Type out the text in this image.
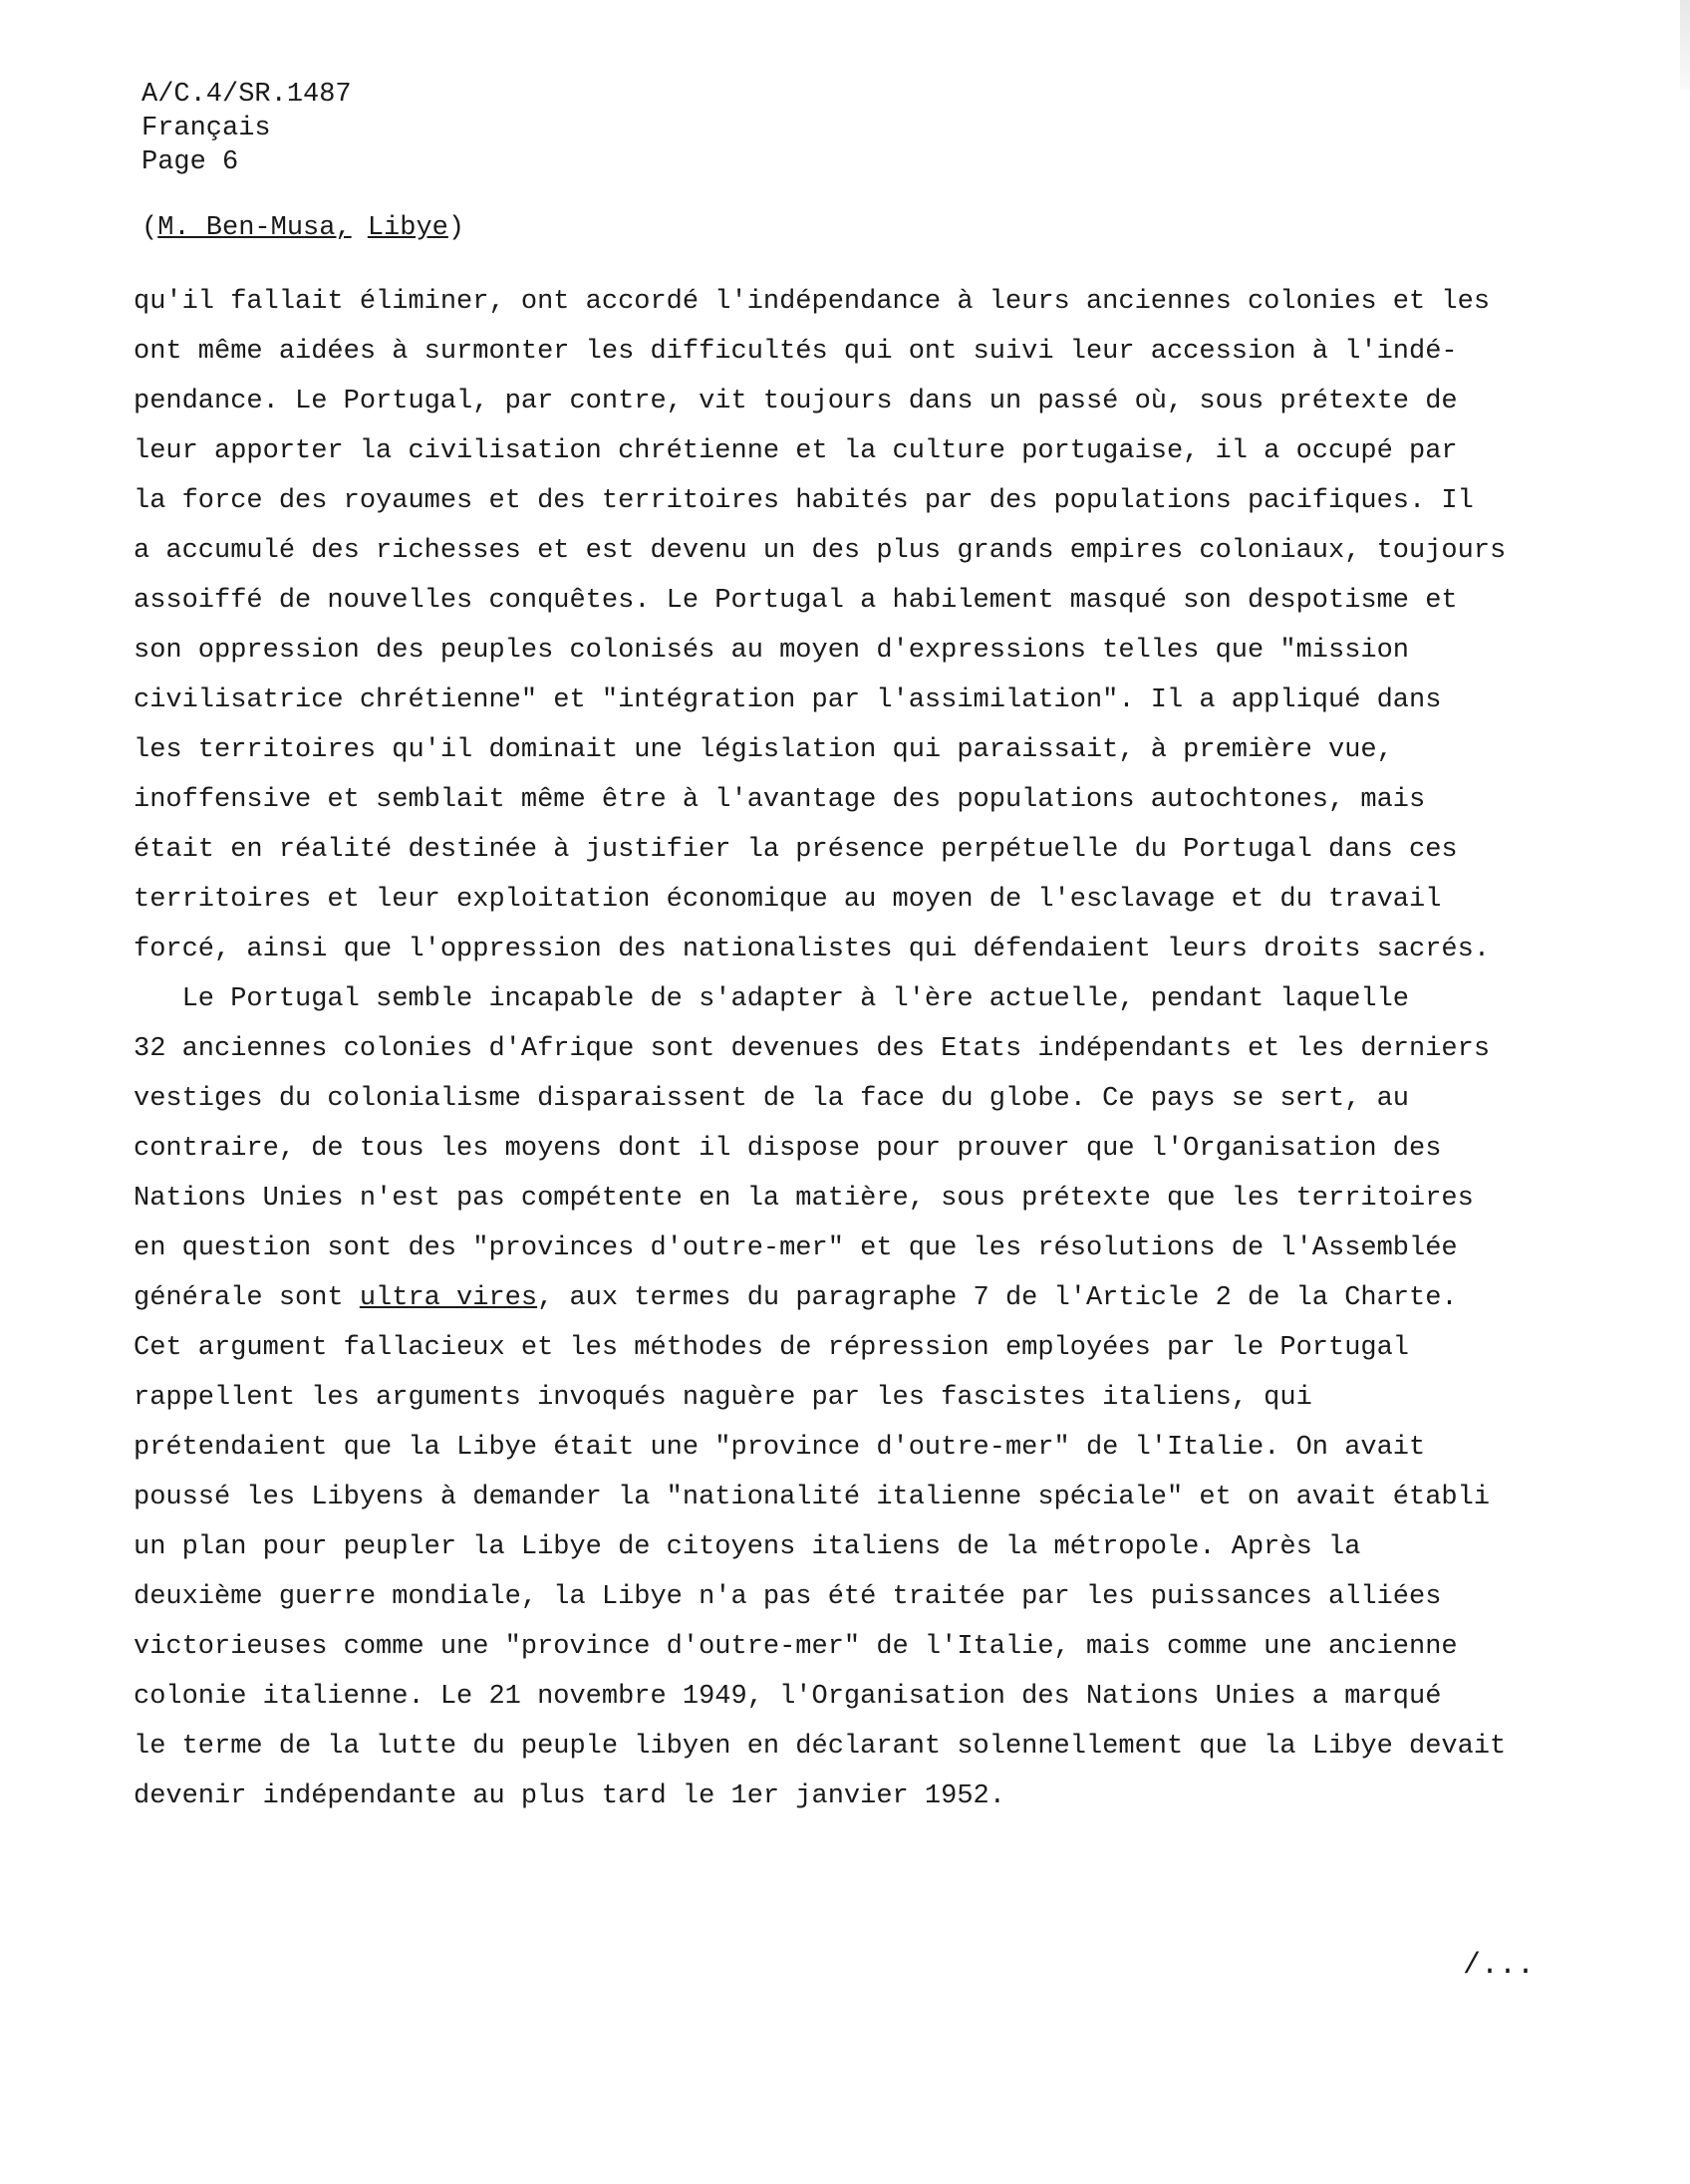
A/C.4/SR.1487
Français
Page 6
(M. Ben-Musa, Libye)
qu'il fallait éliminer, ont accordé l'indépendance à leurs anciennes colonies et les
ont même aidées à surmonter les difficultés qui ont suivi leur accession à l'indé-
pendance. Le Portugal, par contre, vit toujours dans un passé où, sous prétexte de
leur apporter la civilisation chrétienne et la culture portugaise, il a occupé par
la force des royaumes et des territoires habités par des populations pacifiques. Il
a accumulé des richesses et est devenu un des plus grands empires coloniaux, toujours
assoiffé de nouvelles conquêtes. Le Portugal a habilement masqué son despotisme et
son oppression des peuples colonisés au moyen d'expressions telles que "mission
civilisatrice chrétienne" et "intégration par l'assimilation". Il a appliqué dans
les territoires qu'il dominait une législation qui paraissait, à première vue,
inoffensive et semblait même être à l'avantage des populations autochtones, mais
était en réalité destinée à justifier la présence perpétuelle du Portugal dans ces
territoires et leur exploitation économique au moyen de l'esclavage et du travail
forcé, ainsi que l'oppression des nationalistes qui défendaient leurs droits sacrés.
Le Portugal semble incapable de s'adapter à l'ère actuelle, pendant laquelle
32 anciennes colonies d'Afrique sont devenues des Etats indépendants et les derniers
vestiges du colonialisme disparaissent de la face du globe. Ce pays se sert, au
contraire, de tous les moyens dont il dispose pour prouver que l'Organisation des
Nations Unies n'est pas compétente en la matière, sous prétexte que les territoires
en question sont des "provinces d'outre-mer" et que les résolutions de l'Assemblée
générale sont ultra vires, aux termes du paragraphe 7 de l'Article 2 de la Charte.
Cet argument fallacieux et les méthodes de répression employées par le Portugal
rappellent les arguments invoqués naguère par les fascistes italiens, qui
prétendaient que la Libye était une "province d'outre-mer" de l'Italie. On avait
poussé les Libyens à demander la "nationalité italienne spéciale" et on avait établi
un plan pour peupler la Libye de citoyens italiens de la métropole. Après la
deuxième guerre mondiale, la Libye n'a pas été traitée par les puissances alliées
victorieuses comme une "province d'outre-mer" de l'Italie, mais comme une ancienne
colonie italienne. Le 21 novembre 1949, l'Organisation des Nations Unies a marqué
le terme de la lutte du peuple libyen en déclarant solennellement que la Libye devait
devenir indépendante au plus tard le 1er janvier 1952.
/...
